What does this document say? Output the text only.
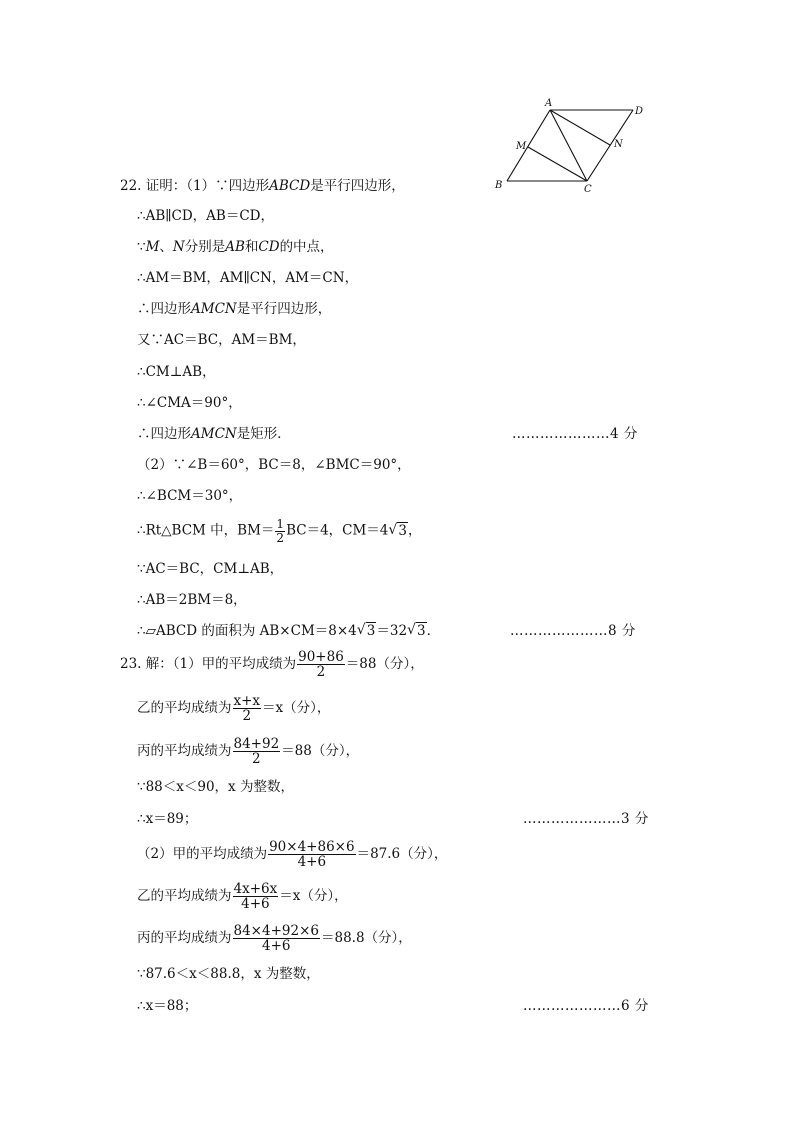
A
D
M	N
B	C
22. 证明：（1）∵四边形ABCD是平行四边形，
∴AB∥CD，AB＝CD，
∵M、N分别是AB和CD的中点，
∴AM＝BM，AM∥CN，AM＝CN，
∴四边形AMCN是平行四边形，
又∵AC＝BC，AM＝BM，
∴CM⊥AB，
∴∠CMA＝90°，
∴四边形AMCN是矩形．	…………………4 分
（2）∵∠B＝60°，BC＝8，∠BMC＝90°，
∴∠BCM＝30°，
∴Rt△BCM 中，$BM= \frac{1}{2} BC=4$，CM＝4 √ 3，
∵AC＝BC，CM⊥AB，
∴AB＝2BM＝8，
∴▱ABCD 的面积为 AB×CM＝8×4 √ 3＝32 √ 3．	…………………8 分
23. 解：（1）甲的平均成绩为 $\frac{90+86}{2} =88$（分），
乙的平均成绩为 $\frac{x+x}{2} =x$（分），
丙的平均成绩为 $\frac{84+92}{2} =88$（分），
∵88＜x＜90，x 为整数，
∴x＝89；	…………………3 分
（2）甲的平均成绩为 $\frac{90\times 4+86\times 6}{4+6} =87.6$（分），
乙的平均成绩为 $\frac{4x+6x}{4+6} =x$（分），
丙的平均成绩为 $\frac{84\times 4+92\times 6}{4+6} =88.8$（分），
∵87.6＜x＜88.8，x 为整数，
∴x＝88；	…………………6 分
